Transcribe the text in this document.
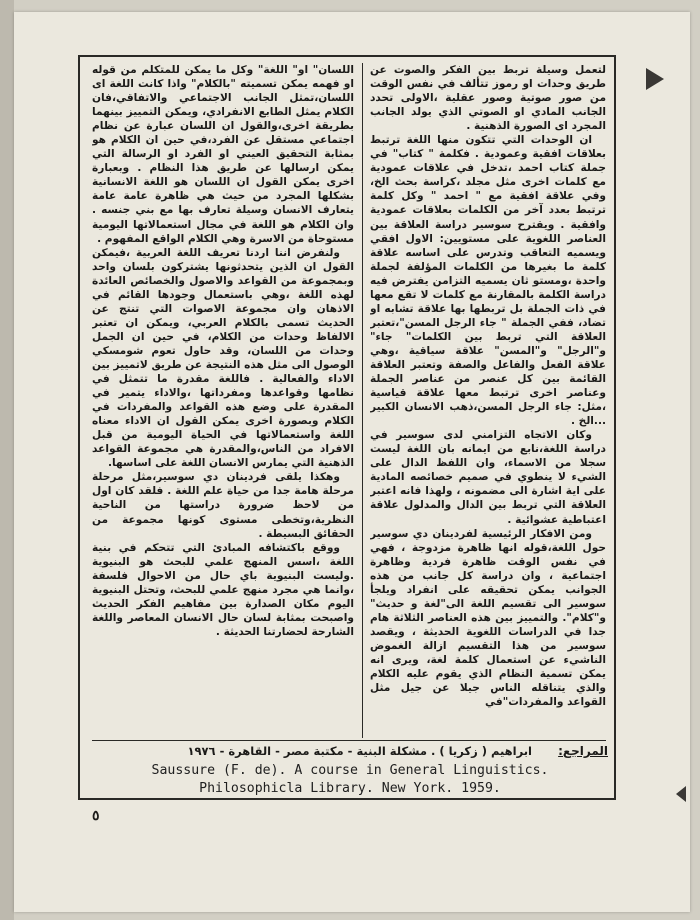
لتعمل وسيلة تربط بين الفكر والصوت عن طريق وحدات او رموز تتألف في نفس الوقت من صور صوتية وصور عقلية ،الاولى تحدد الجانب المادي او الصوتي الذي يولد الجانب المجرد اى الصورة الذهنية .

ان الوحدات التي تتكون منها اللغة ترتبط بعلاقات افقية وعمودية . فكلمة " كتاب" في جملة كتاب احمد ،تدخل في علاقات عمودية مع كلمات اخرى مثل مجلد ،كراسة بحث الخ، وفي علاقة افقية مع " احمد " وكل كلمة ترتبط بعدد آخر من الكلمات بعلاقات عمودية وافقية . ويقترح سوسير دراسة العلاقة بين العناصر اللغوية على مستويين: الاول افقي ويسميه التعاقب وتدرس على اساسه علاقة كلمة ما بغيرها من الكلمات المؤلفة لجملة واحدة ،ومستو ثان يسميه التزامن يفترض فيه دراسة الكلمة بالمقارنة مع كلمات لا تقع معها في ذات الجملة بل تربطها بها علاقة تشابه او تضاد، ففي الجملة " جاء الرجل المسن"،تعتبر العلاقة التي تربط بين الكلمات" جاء" و"الرجل" و"المسن" علاقة سياقية ،وهي علاقة الفعل والفاعل والصفة وتعتبر العلاقة القائمة بين كل عنصر من عناصر الجملة وعناصر اخرى ترتبط معها علاقة قياسية ،مثل: جاء الرجل المسن،ذهب الانسان الكبير ...الخ .

وكان الاتجاه التزامني لدى سوسير في دراسة اللغة،نابع من ايمانه بان اللغة ليست سجلا من الاسماء، وان اللفظ الدال على الشيء لا ينطوي في صميم خصائصه المادية على اية اشارة الى مضمونه ، ولهذا فانه اعتبر العلاقة التي تربط بين الدال والمدلول علاقة اعتباطية عشوائية .

ومن الافكار الرئيسية لفردينان دي سوسير حول اللغة،قوله انها ظاهرة مزدوجة ، فهي في نفس الوقت ظاهرة فردية وظاهرة اجتماعية ، وان دراسة كل جانب من هذه الجوانب يمكن تحقيقه على انفراد ويلجأ سوسير الى تقسيم اللغة الى"لغة و حديث" و"كلام". والتمييز بين هذه العناصر الثلاثة هام جدا في الدراسات اللغوية الحديثة ، ويقصد سوسير من هذا التقسيم ازالة الغموض الناشيء عن استعمال كلمة لغة، ويرى انه يمكن تسمية النظام الذي يقوم عليه الكلام والذي يتناقله الناس جيلا عن جيل مثل القواعد والمفردات"في

اللسان" او" اللغة" وكل ما يمكن للمتكلم من قوله او فهمه يمكن تسميته "بالكلام" واذا كانت اللغة اى اللسان،تمثل الجانب الاجتماعي والاتفاقي،فان الكلام يمثل الطابع الانفرادي، ويمكن التمييز بينهما بطريقة اخرى،والقول ان اللسان عبارة عن نظام اجتماعي مستقل عن الفرد،في حين ان الكلام هو بمثابة التحقيق العيني او الفرد او الرسالة التي يمكن ارسالها عن طريق هذا النظام . وبعبارة اخرى يمكن القول ان اللسان هو اللغة الانسانية بشكلها المجرد من حيث هي ظاهرة عامة عامة يتعارف الانسان وسيلة تعارف بها مع بني جنسه . وان الكلام هو اللغة في مجال استعمالاتها اليومية مستوحاة من الاسرة وهي الكلام الواقع المفهوم .

ولنفرض اننا اردنا تعريف اللغة العربية ،فيمكن القول ان الذين يتحدثونها يشتركون بلسان واحد وبمجموعة من القواعد والاصول والخصائص العائدة لهذه اللغة ،وهي باستعمال وجودها القائم في الاذهان وان مجموعة الاصوات التي تنتج عن الحديث تسمى بالكلام العربي، ويمكن ان تعتبر الالفاظ وحدات من الكلام، في حين ان الجمل وحدات من اللسان، وقد حاول تعوم شومسكي الوصول الى مثل هذه النتيجة عن طريق لاتمييز بين الاداء والفعالية . فاللغة مقدرة ما تتمثل في نظامها وقواعدها ومفرداتها ،والاداء يتمير في المقدرة على وضع هذه القواعد والمفردات في الكلام وبصورة اخرى يمكن القول ان الاداء معناه اللغة واستعمالاتها في الحياة اليومية من قبل الافراد من الناس،والمقدرة هي مجموعة القواعد الذهنية التي يمارس الانسان اللغة على اساسها.

وهكذا يلقى فردينان دي سوسير،مثل مرحلة مرحلة هامة جدا من حياة علم اللغة . فلقد كان اول من لاحظ ضرورة دراستها من الناحية النظرية،وتخطى مستوى كونها مجموعة من الحقائق البسيطة .

ووقع باكتشافه المبادئ التي تتحكم في بنية اللغة ،اسس المنهج علمي للبحث هو البنيوية .وليست البنيوية باي حال من الاحوال فلسفة ،وانما هي مجرد منهج علمي للبحث، وتحتل البنيوية اليوم مكان الصدارة بين مفاهيم الفكر الحديث واصبحت بمثابة لسان حال الانسان المعاصر واللغة الشارحة لحضارتنا الحديثة .

المراجع:
ابراهيم ( زكريا ) . مشكلة البنية - مكتبة مصر - القاهرة - ١٩٧٦
Saussure (F. de). A course in General Linguistics.
Philosophicla Library. New York. 1959.
٥
